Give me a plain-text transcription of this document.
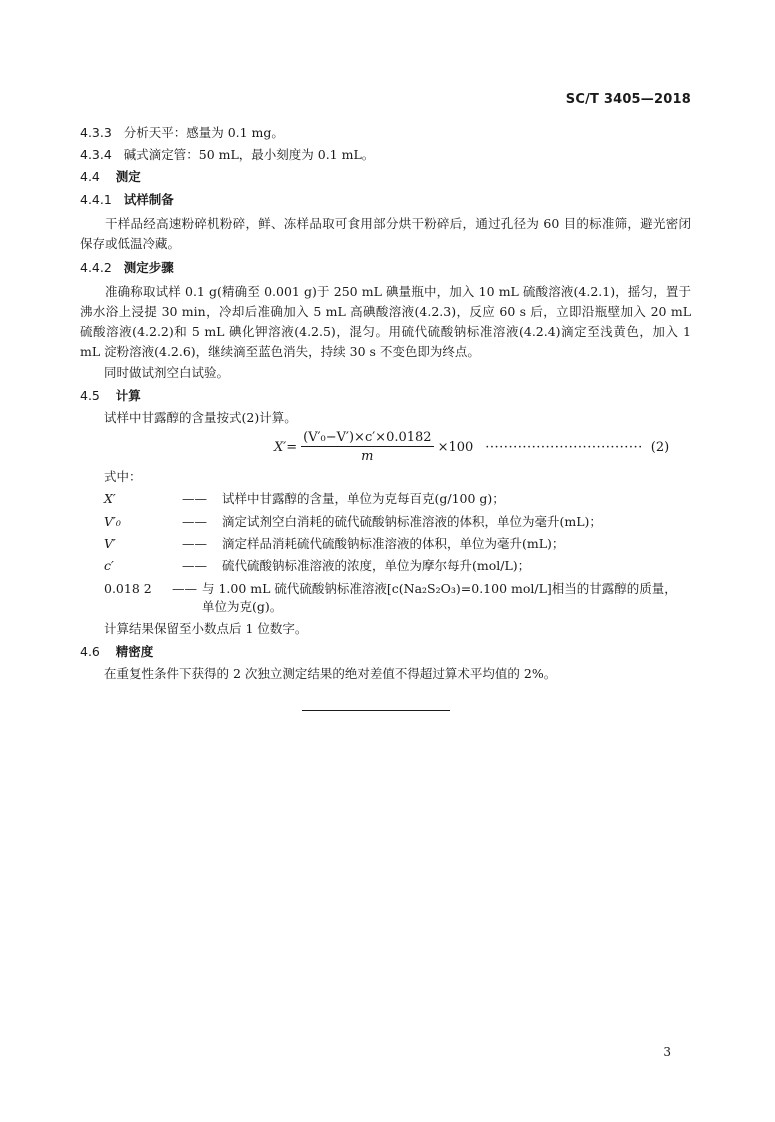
SC/T 3405—2018
4.3.3 分析天平：感量为 0.1 mg。
4.3.4 碱式滴定管：50 mL，最小刻度为 0.1 mL。
4.4 测定
4.4.1 试样制备
干样品经高速粉碎机粉碎，鲜、冻样品取可食用部分烘干粉碎后，通过孔径为 60 目的标准筛，避光密闭保存或低温冷藏。
4.4.2 测定步骤
准确称取试样 0.1 g(精确至 0.001 g)于 250 mL 碘量瓶中，加入 10 mL 硫酸溶液(4.2.1)，摇匀，置于沸水浴上浸提 30 min，冷却后准确加入 5 mL 高碘酸溶液(4.2.3)，反应 60 s 后，立即沿瓶壁加入 20 mL 硫酸溶液(4.2.2)和 5 mL 碘化钾溶液(4.2.5)，混匀。用硫代硫酸钠标准溶液(4.2.4)滴定至浅黄色，加入 1 mL 淀粉溶液(4.2.6)，继续滴至蓝色消失，持续 30 s 不变色即为终点。
同时做试剂空白试验。
4.5 计算
试样中甘露醇的含量按式(2)计算。
$X' = \frac{\text{(V′₀−V′)×c′×0.0182}}{m} \times 100$ ·································· (2)
式中：
X′	——	试样中甘露醇的含量，单位为克每百克(g/100 g)；
V′₀	——	滴定试剂空白消耗的硫代硫酸钠标准溶液的体积，单位为毫升(mL)；
V′	——	滴定样品消耗硫代硫酸钠标准溶液的体积，单位为毫升(mL)；
c′	——	硫代硫酸钠标准溶液的浓度，单位为摩尔每升(mol/L)；
0.018 2	—— 与 1.00 mL 硫代硫酸钠标准溶液[c(Na₂S₂O₃)=0.100 mol/L]相当的甘露醇的质量，
单位为克(g)。
计算结果保留至小数点后 1 位数字。
4.6 精密度
在重复性条件下获得的 2 次独立测定结果的绝对差值不得超过算术平均值的 2%。
3
